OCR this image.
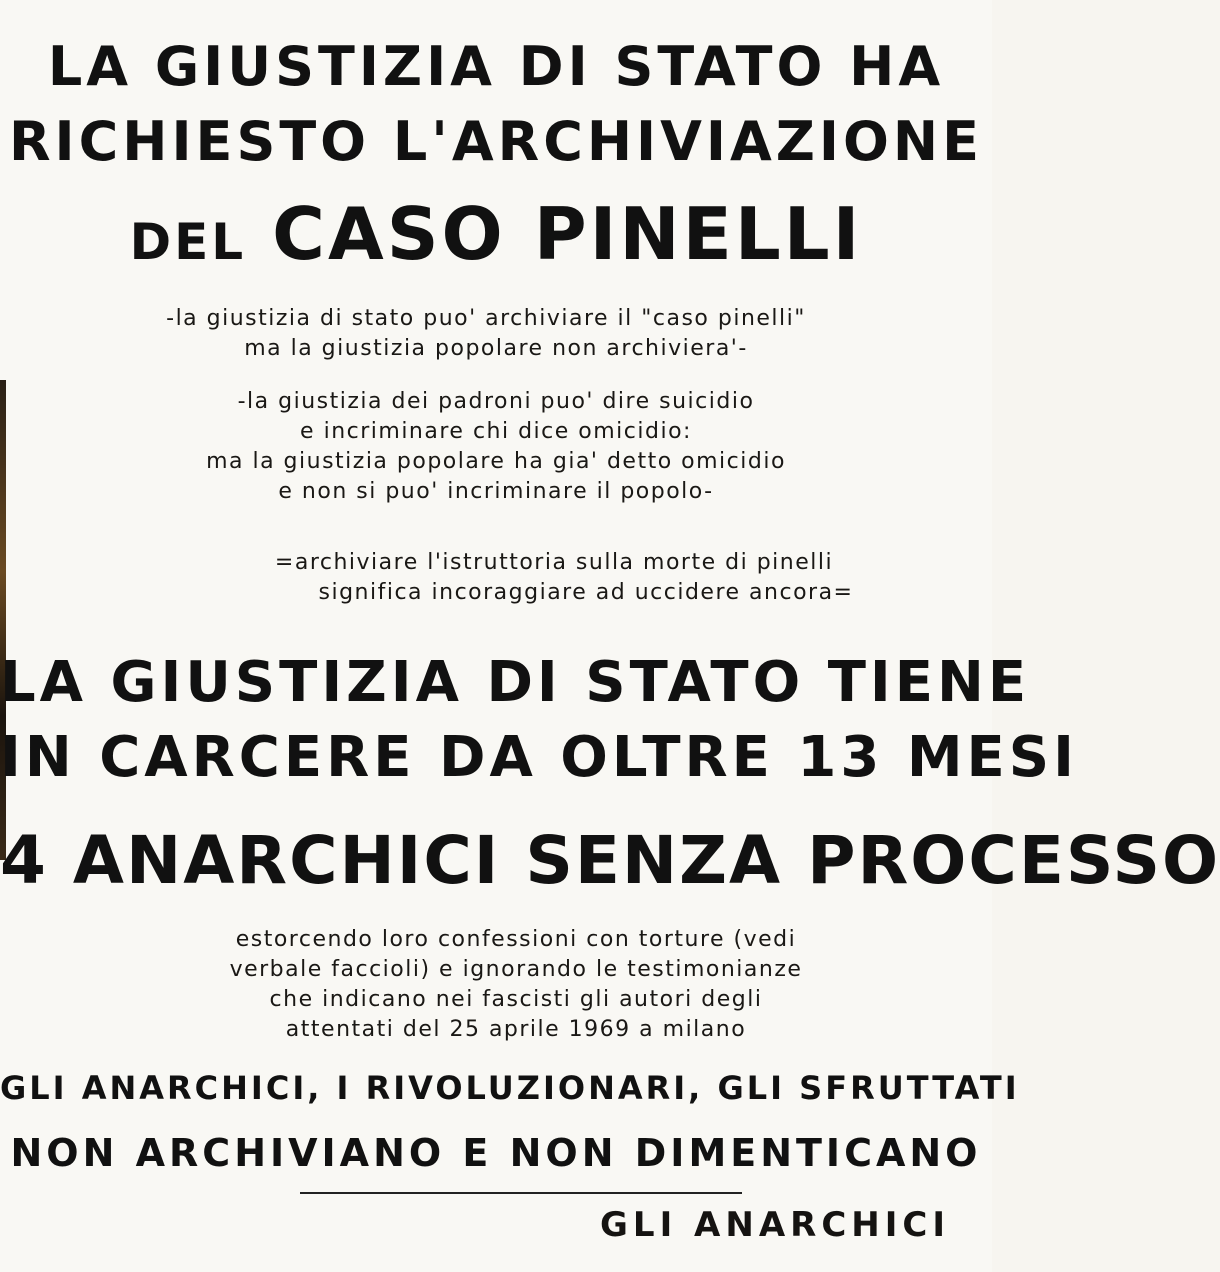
LA GIUSTIZIA DI STATO HA
RICHIESTO L'ARCHIVIAZIONE
DEL CASO PINELLI

-la giustizia di stato puo' archiviare il "caso pinelli"
ma la giustizia popolare non archiviera'-

-la giustizia dei padroni puo' dire suicidio
e incriminare chi dice omicidio:
ma la giustizia popolare ha gia' detto omicidio
e non si puo' incriminare il popolo-

=archiviare l'istruttoria sulla morte di pinelli
significa incoraggiare ad uccidere ancora=

LA GIUSTIZIA DI STATO TIENE
IN CARCERE DA OLTRE 13 MESI
4 ANARCHICI SENZA PROCESSO

estorcendo loro confessioni con torture (vedi
verbale faccioli) e ignorando le testimonianze
che indicano nei fascisti gli autori degli
attentati del 25 aprile 1969 a milano

GLI ANARCHICI, I RIVOLUZIONARI, GLI SFRUTTATI
NON ARCHIVIANO E NON DIMENTICANO

GLI ANARCHICI
